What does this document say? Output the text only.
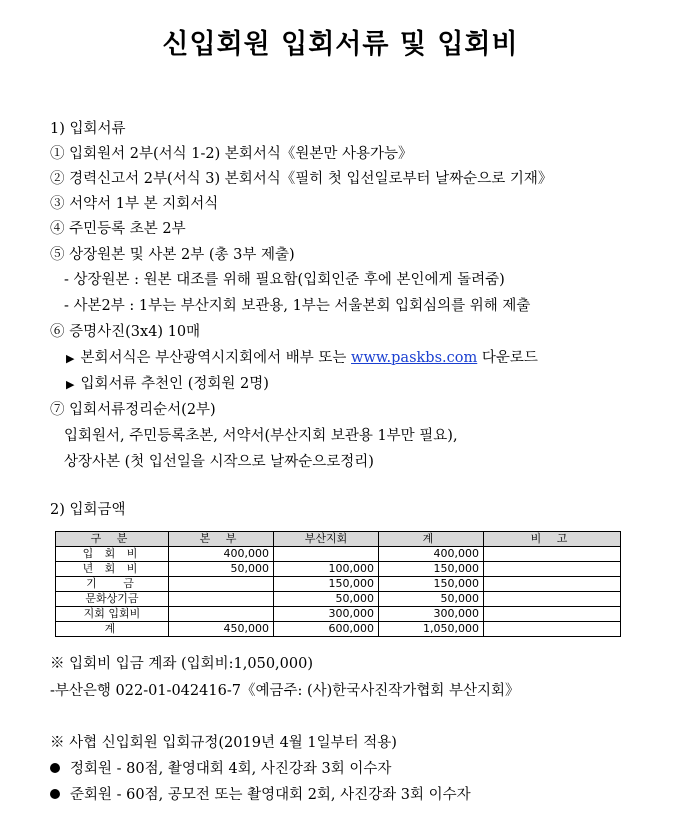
신입회원 입회서류 및 입회비
1) 입회서류
① 입회원서 2부(서식 1-2) 본회서식《원본만 사용가능》
② 경력신고서 2부(서식 3) 본회서식《필히 첫 입선일로부터 날짜순으로 기재》
③ 서약서 1부 본 지회서식
④ 주민등록 초본 2부
⑤ 상장원본 및 사본 2부 (총 3부 제출)
- 상장원본 : 원본 대조를 위해 필요함(입회인준 후에 본인에게 돌려줌)
- 사본2부 : 1부는 부산지회 보관용, 1부는 서울본회 입회심의를 위해 제출
⑥ 증명사진(3x4) 10매
▶ 본회서식은 부산광역시지회에서 배부 또는 www.paskbs.com 다운로드
▶ 입회서류 추천인 (정회원 2명)
⑦ 입회서류정리순서(2부)
입회원서, 주민등록초본, 서약서(부산지회 보관용 1부만 필요),
상장사본 (첫 입선일을 시작으로 날짜순으로정리)
2) 입회금액
구 분	본 부	부산지회	계	비 고
입 회 비	400,000		400,000	
년 회 비	50,000	100,000	150,000	
기   금		150,000	150,000	
문화상기금		50,000	50,000	
지회 입회비		300,000	300,000	
계	450,000	600,000	1,050,000	
※ 입회비 입금 계좌 (입회비:1,050,000)
-부산은행 022-01-042416-7《예금주: (사)한국사진작가협회 부산지회》
※ 사협 신입회원 입회규정(2019년 4월 1일부터 적용)
정회원 - 80점, 촬영대회 4회, 사진강좌 3회 이수자
준회원 - 60점, 공모전 또는 촬영대회 2회, 사진강좌 3회 이수자
